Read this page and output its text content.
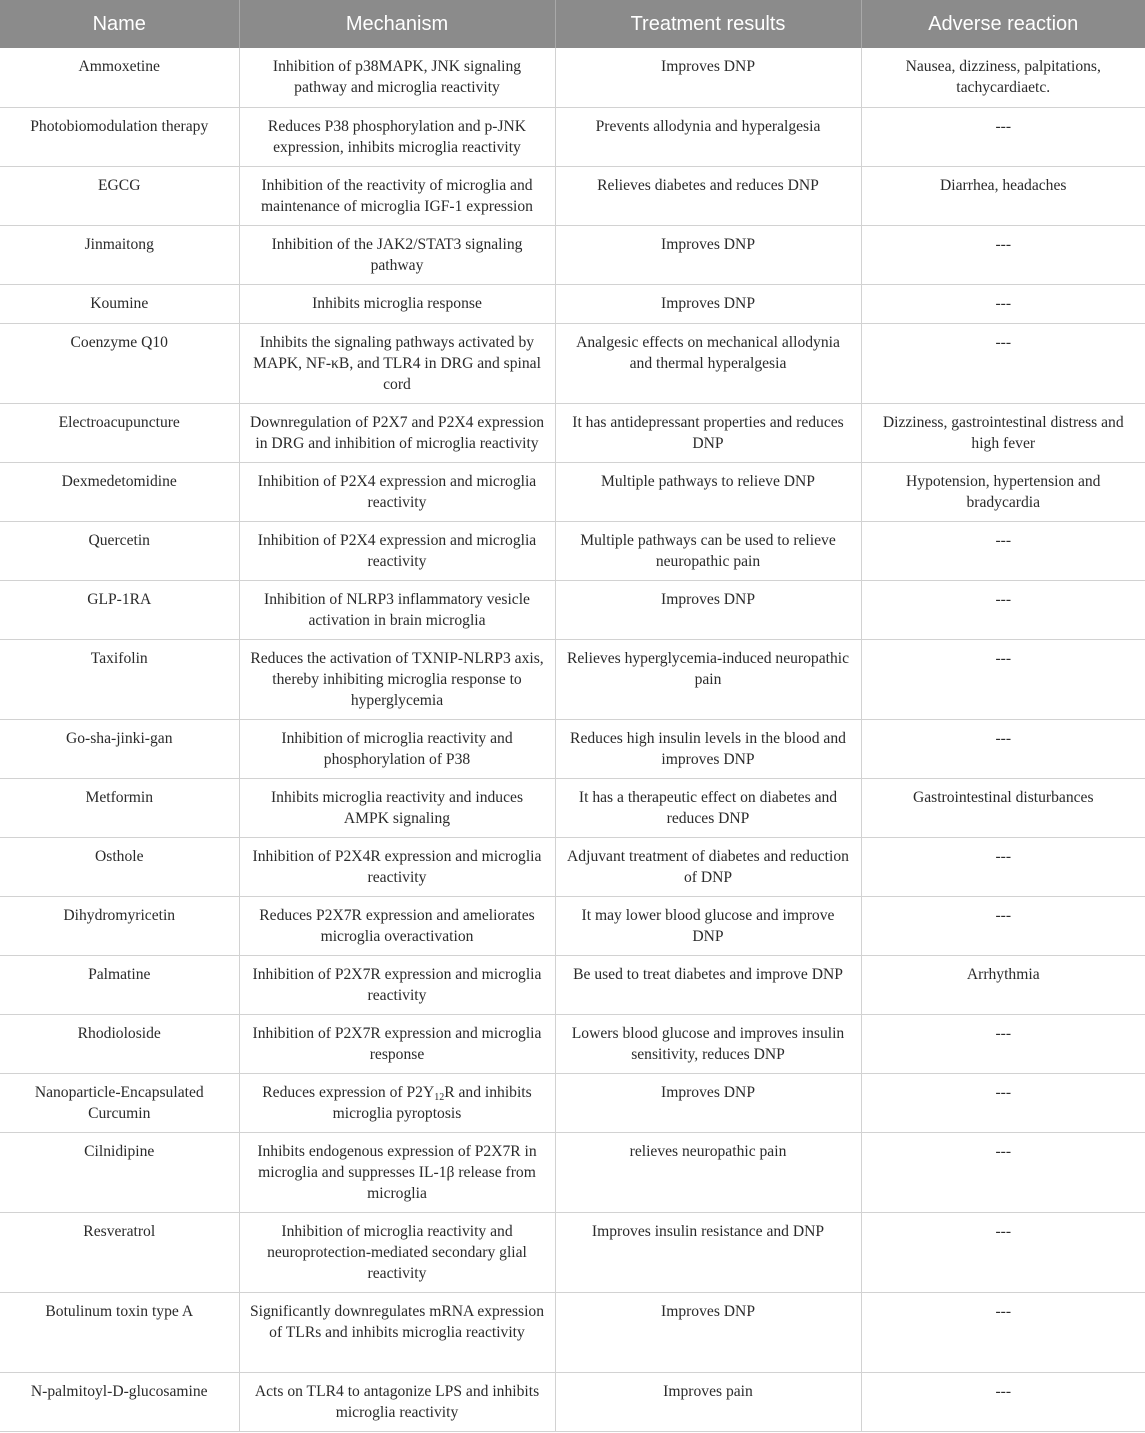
Name	Mechanism	Treatment results	Adverse reaction
Ammoxetine	Inhibition of p38MAPK, JNK signaling pathway and microglia reactivity	Improves DNP	Nausea, dizziness, palpitations, tachycardiaetc.
Photobiomodulation therapy	Reduces P38 phosphorylation and p-JNK expression, inhibits microglia reactivity	Prevents allodynia and hyperalgesia	---
EGCG	Inhibition of the reactivity of microglia and maintenance of microglia IGF-1 expression	Relieves diabetes and reduces DNP	Diarrhea, headaches
Jinmaitong	Inhibition of the JAK2/STAT3 signaling pathway	Improves DNP	---
Koumine	Inhibits microglia response	Improves DNP	---
Coenzyme Q10	Inhibits the signaling pathways activated by MAPK, NF-κB, and TLR4 in DRG and spinal cord	Analgesic effects on mechanical allodynia and thermal hyperalgesia	---
Electroacupuncture	Downregulation of P2X7 and P2X4 expression in DRG and inhibition of microglia reactivity	It has antidepressant properties and reduces DNP	Dizziness, gastrointestinal distress and high fever
Dexmedetomidine	Inhibition of P2X4 expression and microglia reactivity	Multiple pathways to relieve DNP	Hypotension, hypertension and bradycardia
Quercetin	Inhibition of P2X4 expression and microglia reactivity	Multiple pathways can be used to relieve neuropathic pain	---
GLP-1RA	Inhibition of NLRP3 inflammatory vesicle activation in brain microglia	Improves DNP	---
Taxifolin	Reduces the activation of TXNIP-NLRP3 axis, thereby inhibiting microglia response to hyperglycemia	Relieves hyperglycemia-induced neuropathic pain	---
Go-sha-jinki-gan	Inhibition of microglia reactivity and phosphorylation of P38	Reduces high insulin levels in the blood and improves DNP	---
Metformin	Inhibits microglia reactivity and induces AMPK signaling	It has a therapeutic effect on diabetes and reduces DNP	Gastrointestinal disturbances
Osthole	Inhibition of P2X4R expression and microglia reactivity	Adjuvant treatment of diabetes and reduction of DNP	---
Dihydromyricetin	Reduces P2X7R expression and ameliorates microglia overactivation	It may lower blood glucose and improve DNP	---
Palmatine	Inhibition of P2X7R expression and microglia reactivity	Be used to treat diabetes and improve DNP	Arrhythmia
Rhodioloside	Inhibition of P2X7R expression and microglia response	Lowers blood glucose and improves insulin sensitivity, reduces DNP	---
Nanoparticle-Encapsulated Curcumin	Reduces expression of $P2Y_{12}R$ and inhibits microglia pyroptosis	Improves DNP	---
Cilnidipine	Inhibits endogenous expression of P2X7R in microglia and suppresses IL-1β release from microglia	relieves neuropathic pain	---
Resveratrol	Inhibition of microglia reactivity and neuroprotection-mediated secondary glial reactivity	Improves insulin resistance and DNP	---
Botulinum toxin type A	Significantly downregulates mRNA expression of TLRs and inhibits microglia reactivity	Improves DNP	---
N-palmitoyl-D-glucosamine	Acts on TLR4 to antagonize LPS and inhibits microglia reactivity	Improves pain	---
